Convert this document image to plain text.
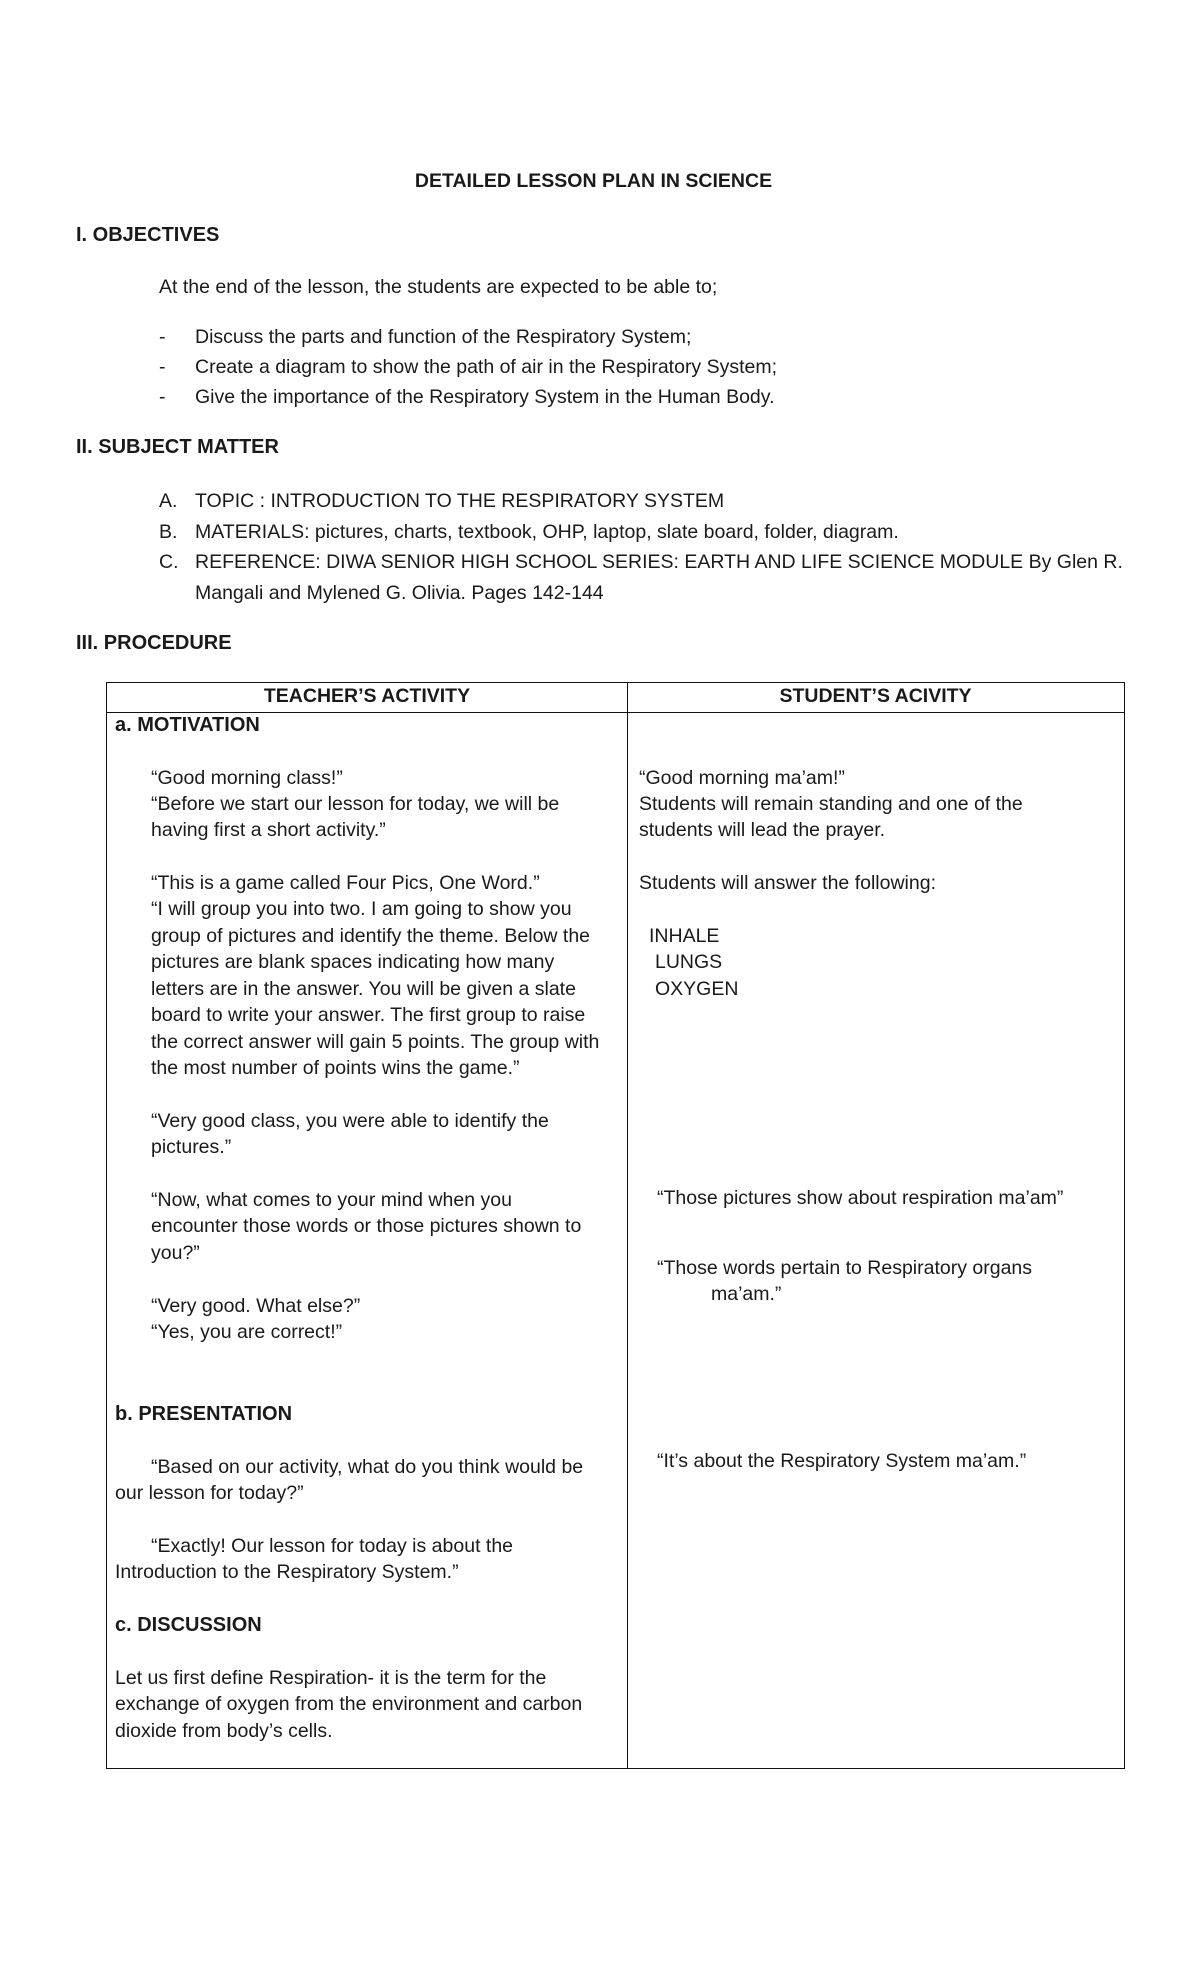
DETAILED LESSON PLAN IN SCIENCE
I. OBJECTIVES
At the end of the lesson, the students are expected to be able to;
- Discuss the parts and function of the Respiratory System;
- Create a diagram to show the path of air in the Respiratory System;
- Give the importance of the Respiratory System in the Human Body.
II. SUBJECT MATTER
A. TOPIC : INTRODUCTION TO THE RESPIRATORY SYSTEM
B. MATERIALS: pictures, charts, textbook, OHP, laptop, slate board, folder, diagram.
C. REFERENCE: DIWA SENIOR HIGH SCHOOL SERIES: EARTH AND LIFE SCIENCE MODULE By Glen R.
Mangali and Mylened G. Olivia. Pages 142-144
III. PROCEDURE
TEACHER’S ACTIVITY	STUDENT’S ACIVITY
a. MOTIVATION
“Good morning class!”
“Before we start our lesson for today, we will be
having first a short activity.”
“This is a game called Four Pics, One Word.”
“I will group you into two. I am going to show you
group of pictures and identify the theme. Below the
pictures are blank spaces indicating how many
letters are in the answer. You will be given a slate
board to write your answer. The first group to raise
the correct answer will gain 5 points. The group with
the most number of points wins the game.”
“Very good class, you were able to identify the
pictures.”
“Now, what comes to your mind when you
encounter those words or those pictures shown to
you?”
“Very good. What else?”
“Yes, you are correct!”
b. PRESENTATION
“Based on our activity, what do you think would be
our lesson for today?”
“Exactly! Our lesson for today is about the
Introduction to the Respiratory System.”
c. DISCUSSION
Let us first define Respiration- it is the term for the
exchange of oxygen from the environment and carbon
dioxide from body’s cells.
“Good morning ma’am!”
Students will remain standing and one of the
students will lead the prayer.
Students will answer the following:
INHALE
LUNGS
OXYGEN
“Those pictures show about respiration ma’am”
“Those words pertain to Respiratory organs
ma’am.”
“It’s about the Respiratory System ma’am.”
